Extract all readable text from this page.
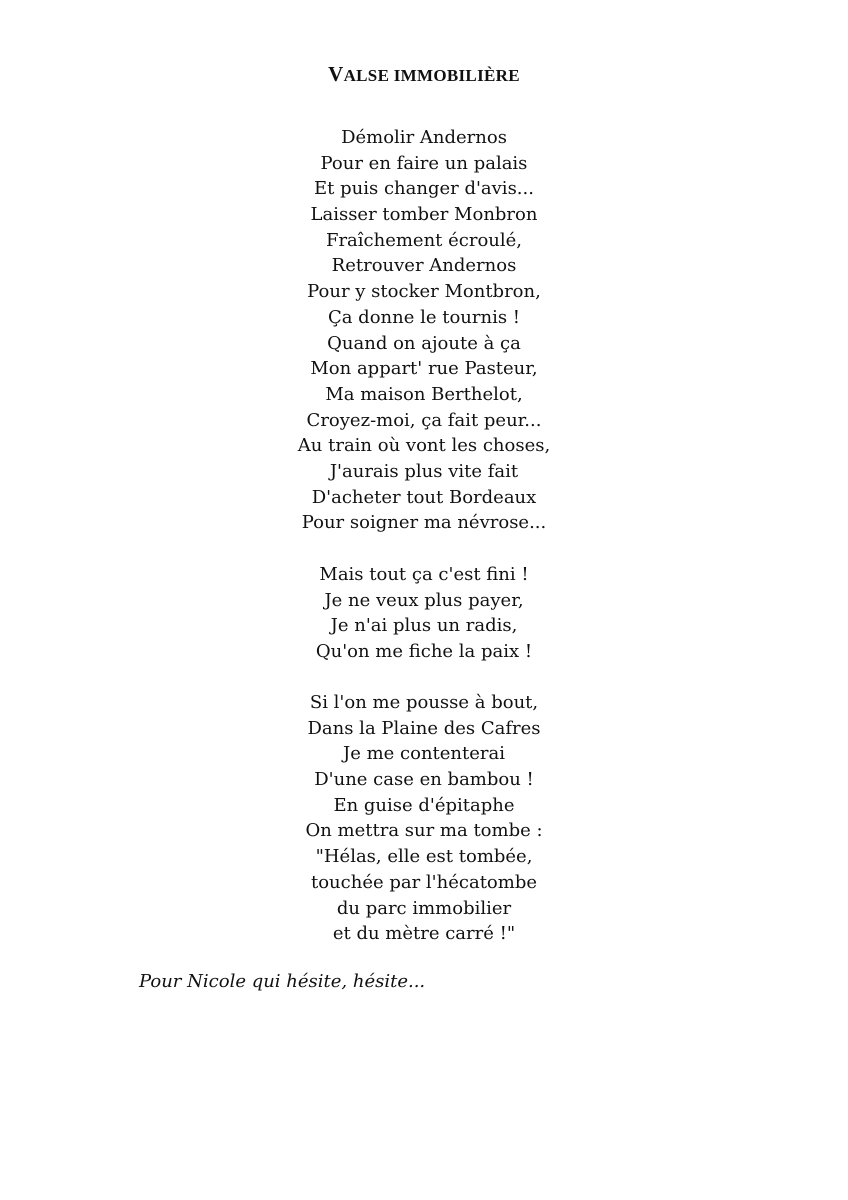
VALSE IMMOBILIÈRE
Démolir Andernos
Pour en faire un palais
Et puis changer d'avis...
Laisser tomber Monbron
Fraîchement écroulé,
Retrouver Andernos
Pour y stocker Montbron,
Ça donne le tournis !
Quand on ajoute à ça
Mon appart' rue Pasteur,
Ma maison Berthelot,
Croyez-moi, ça fait peur...
Au train où vont les choses,
J'aurais plus vite fait
D'acheter tout Bordeaux
Pour soigner ma névrose...
Mais tout ça c'est fini !
Je ne veux plus payer,
Je n'ai plus un radis,
Qu'on me fiche la paix !
Si l'on me pousse à bout,
Dans la Plaine des Cafres
Je me contenterai
D'une case en bambou !
En guise d'épitaphe
On mettra sur ma tombe :
"Hélas, elle est tombée,
touchée par l'hécatombe
du parc immobilier
et du mètre carré !"

Pour Nicole qui hésite, hésite...
